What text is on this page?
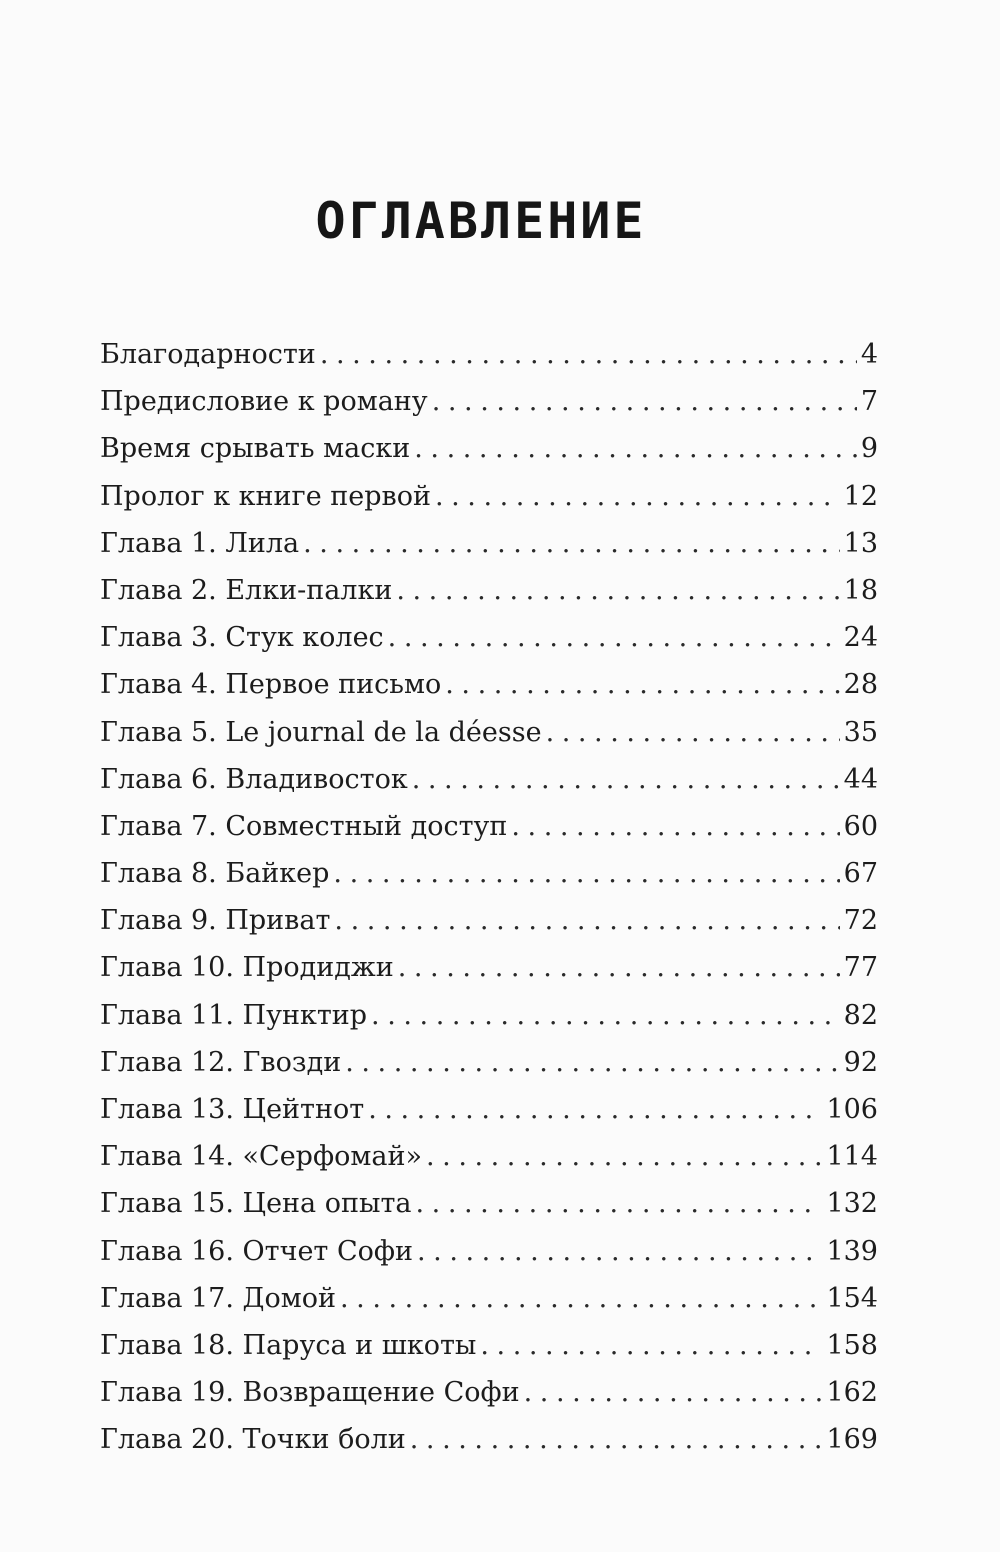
ОГЛАВЛЕНИЕ
Благодарности . . .	4
Предисловие к роману . . .	7
Время срывать маски . . .	9
Пролог к книге первой . . .	12
Глава 1. Лила . . .	13
Глава 2. Елки-палки . . .	18
Глава 3. Стук колес . . .	24
Глава 4. Первое письмо . . .	28
Глава 5. Le journal de la déesse . . .	35
Глава 6. Владивосток . . .	44
Глава 7. Совместный доступ . . .	60
Глава 8. Байкер . . .	67
Глава 9. Приват . . .	72
Глава 10. Продиджи . . .	77
Глава 11. Пунктир . . .	82
Глава 12. Гвозди . . .	92
Глава 13. Цейтнот . . .	106
Глава 14. «Серфомай» . . .	114
Глава 15. Цена опыта . . .	132
Глава 16. Отчет Софи . . .	139
Глава 17. Домой . . .	154
Глава 18. Паруса и шкоты . . .	158
Глава 19. Возвращение Софи . . .	162
Глава 20. Точки боли . . .	169
